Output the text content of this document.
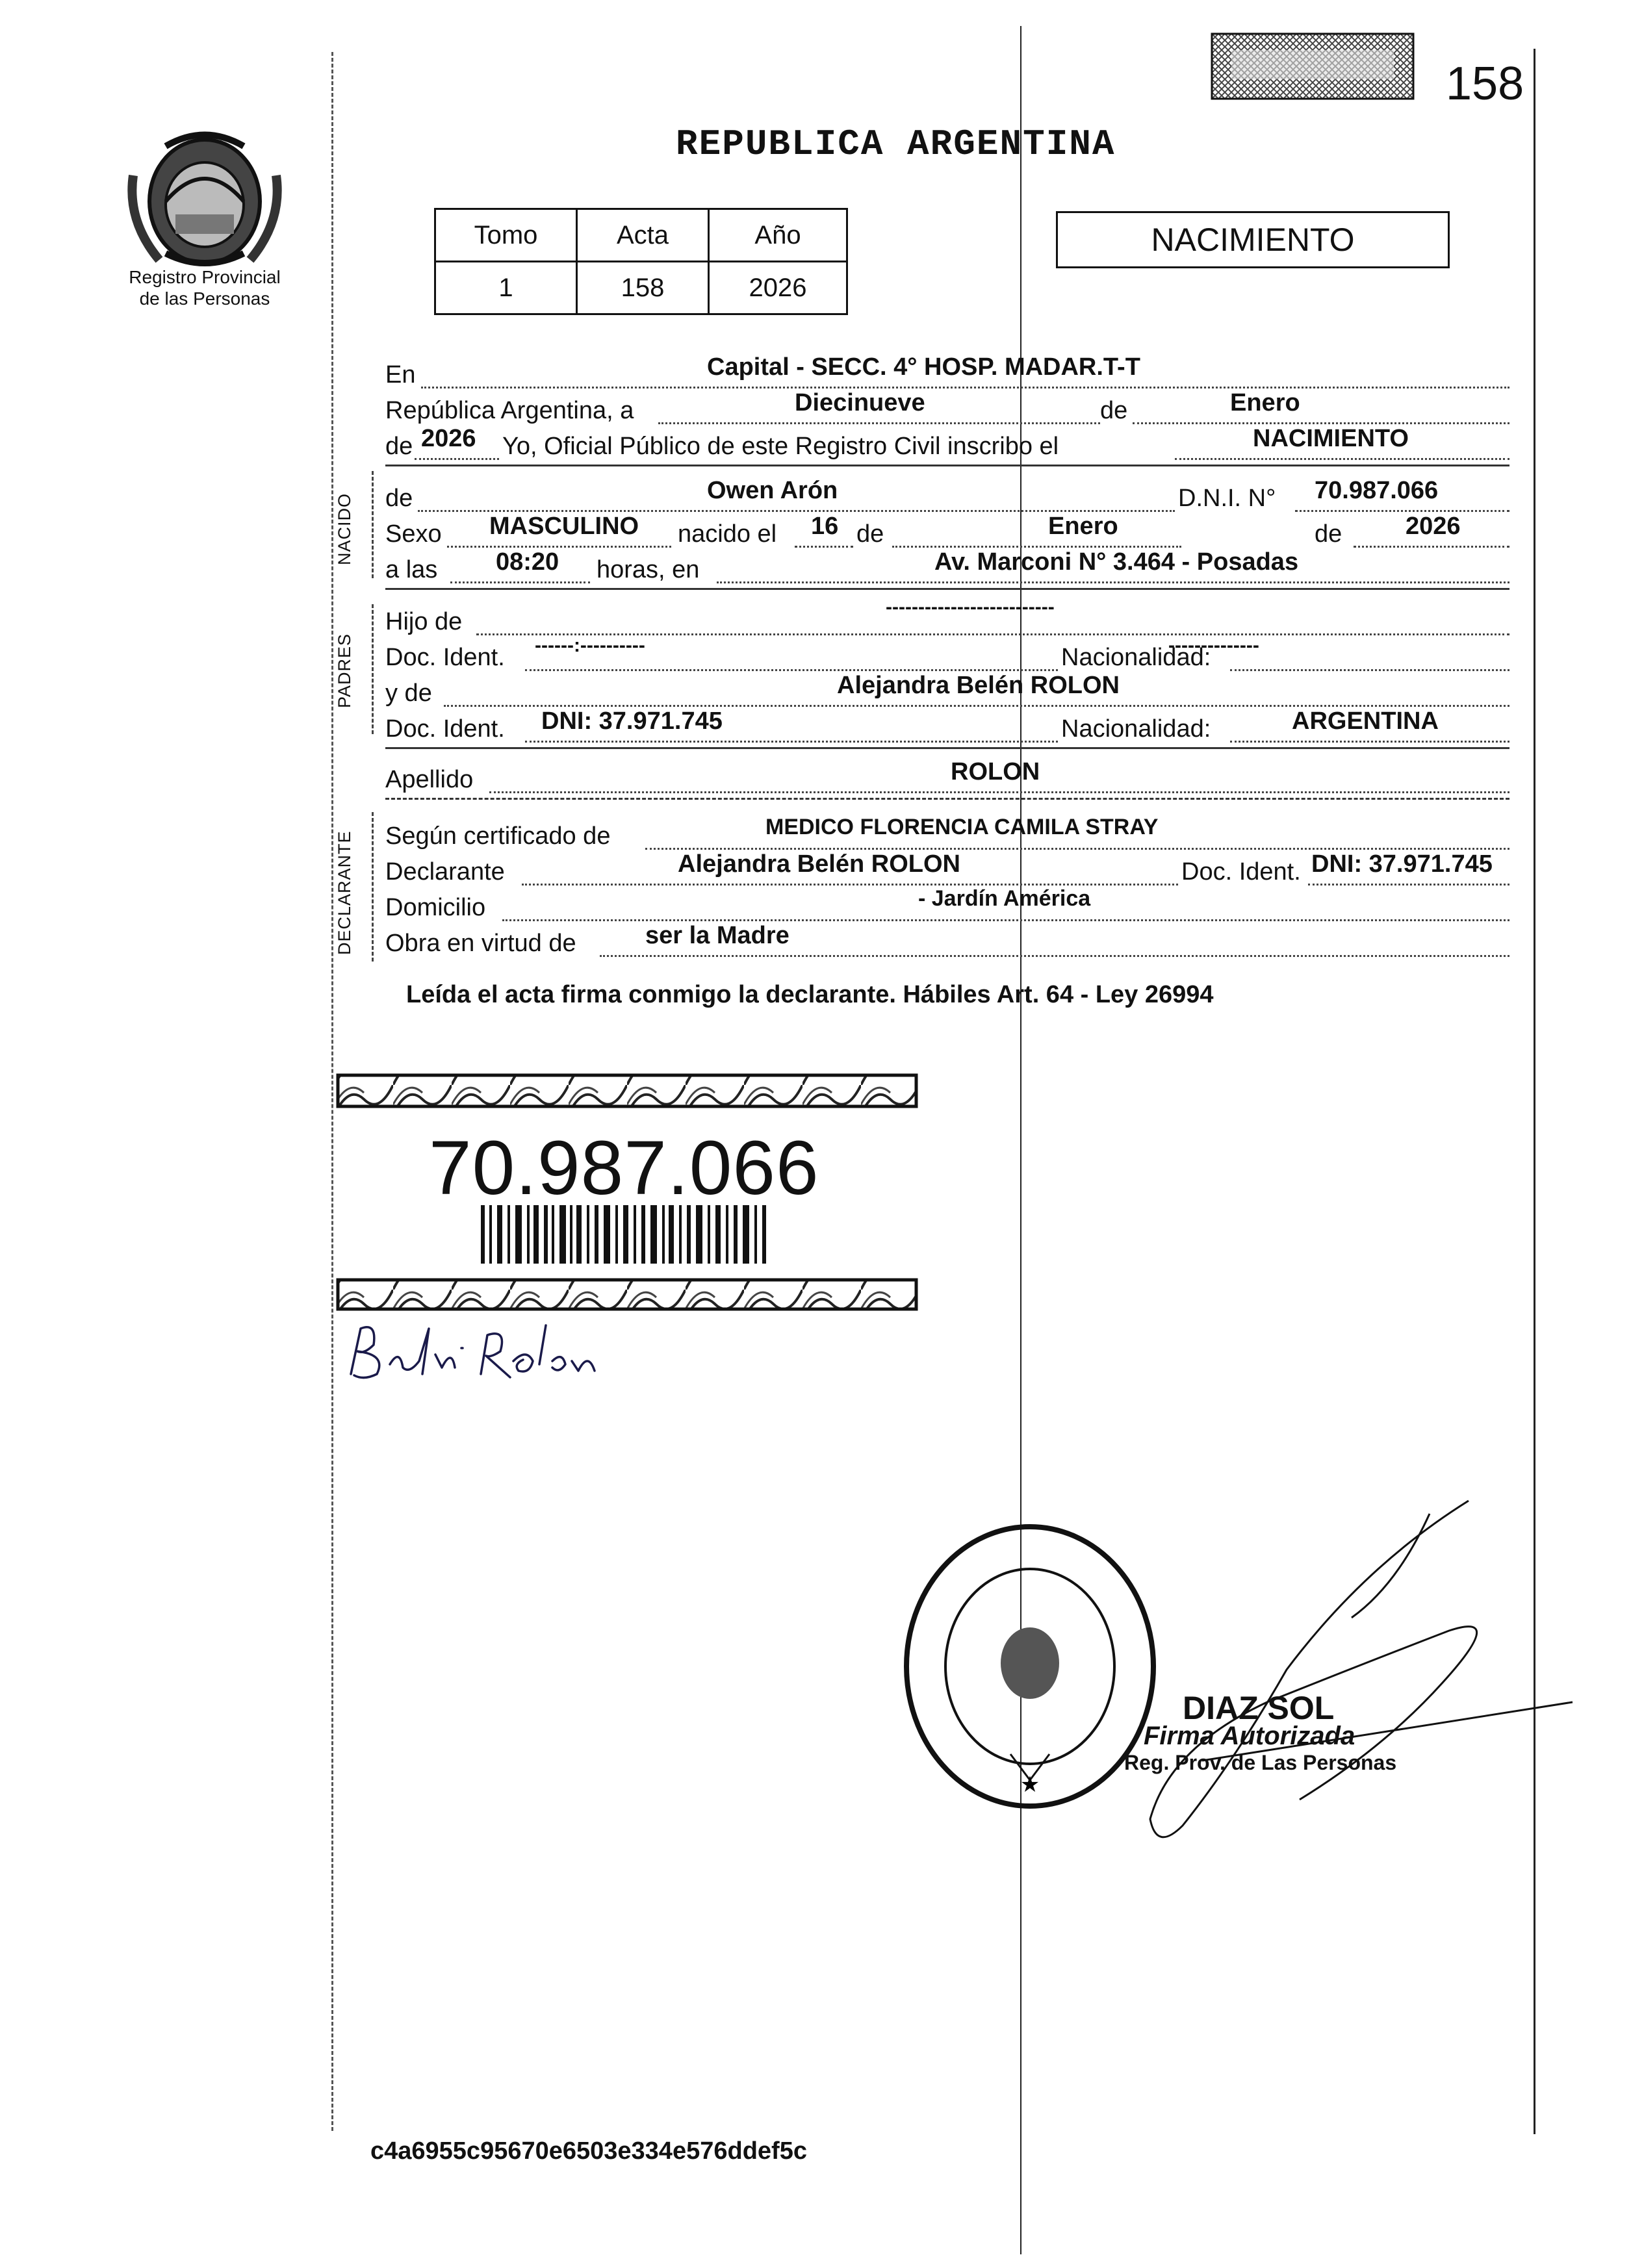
Registro Provincial
de las Personas
REPUBLICA ARGENTINA
158
Tomo	Acta	Año
1	158	2026
NACIMIENTO
En	Capital - SECC. 4° HOSP. MADAR.T-T
República Argentina, a	Diecinueve	de	Enero
de 2026 Yo, Oficial Público de este Registro Civil inscribo el	NACIMIENTO
NACIDO de	Owen Arón	D.N.I. N° 70.987.066
Sexo MASCULINO nacido el 16 de	Enero	de	2026
a las 08:20 horas, en	Av. Marconi N° 3.464 - Posadas
PADRES
Hijo de
--------------------------
Doc. Ident. ------:----------	Nacionalidad:
--------------
y de	Alejandra Belén ROLON
Doc. Ident. DNI: 37.971.745	Nacionalidad:	ARGENTINA
Apellido	ROLON
DECLARANTE Según certificado de	MEDICO FLORENCIA CAMILA STRAY
Declarante	Alejandra Belén ROLON	Doc. Ident. DNI: 37.971.745
Domicilio	- Jardín América
Obra en virtud de	ser la Madre
Leída el acta firma conmigo la declarante. Hábiles Art. 64 - Ley 26994
70.987.066
★
DIAZ SOL
Firma Autorizada
Reg. Prov. de Las Personas
c4a6955c95670e6503e334e576ddef5c
